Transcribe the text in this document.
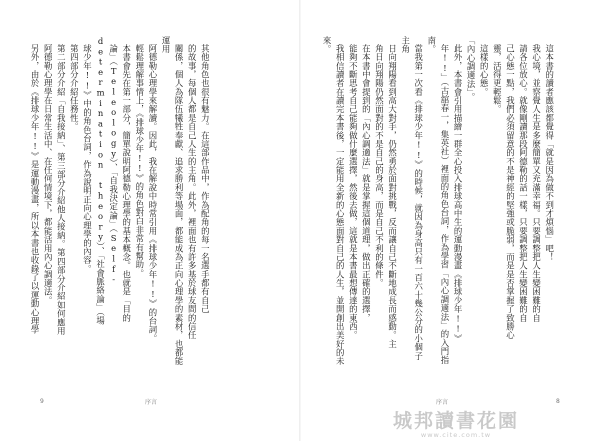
這本書的讀者應該都覺得「就是因為做不到才煩惱」吧！

我心境，並察覺人生是多麼簡單又充滿幸福。只要調整把人生變困難的自

請各位放心。就像剛讀那段阿德勒的話一樣，只要調整把人生變困難的自

己心態一點，我們必須留意的不是神經的堅強或脆弱，而是是否掌握了致勝心

靈，活得更輕鬆。

這樣的心態。

「內心調適法」。

此外，本書會引用描繪一群全心投入排球高中生的運動漫畫《排球少年!!》

年!!」（古舘春一，集英社）裡面的角色台詞，作為學習「內心調適法」的入門指南。

當我第一次看《排球少年!!》的時候，就因為身高只有一百六十幾公分的小個子主角

日向翔陽看到高大對手，仍然勇於面對挑戰，反而讓自己不斷地成長而感動。主

角日向翔陽仍然面對的不是自己的身高，而是自己不利的條件。

在本書中會提到的「內心調適法」就是掌握這個道理，做出正確的選擇，

能夠不斷思考自己能夠做什麼選擇，然後去做，這就是本書最想傳達的東西。

我相信讀者在讀完本書後，一定能用全新的心態面對自己的人生，並開創出美好的未來。

其他角色也很有魅力。在這部作品中，作為配角的每一名選手都有自己

的故事，每個人都是自己人生的主角。此外，裡面也有許多基於球友間的信任

關係，個人為隊伍犧牲奉獻、追求勝利等場面，都能成為正向心理學的素材，也都能運用

阿德勒心理學來解讀。因此，我在解說中時常引用《排球少年!!》的台詞。

輕鬆理解事情上，《排球少年!!》的角色對白非常有幫助。

本書會先在第一部分，簡單說明阿德勒心理學的基本概念。也就是「目的

論」（Teleology）、「自我決定論」（Self-determination theory）、「社會脈絡論」（場

球少年!!》中的角色台詞，作為說明正向心理學的內容。

第四部分介紹任務性。

第二部分介紹「自我接納」、第三部分介紹他人接納。第四部分介紹如何應用

阿德勒心理學在日常生活中、在任何情境下，都能活用內心調適法。

另外，由於《排球少年!!》是運動漫畫，所以本書也收錄了以運動心理學

9	序言	序言	8
城邦讀書花園
www.cite.com.tw
